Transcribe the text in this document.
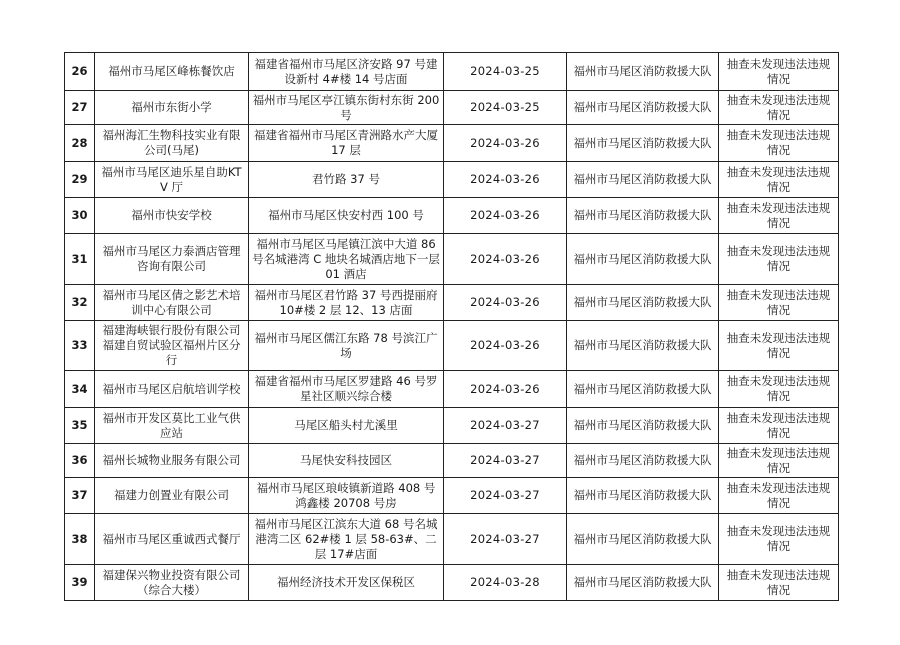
26	福州市马尾区峰栋餐饮店	福建省福州市马尾区济安路 97 号建设新村 4#楼 14 号店面	2024-03-25	福州市马尾区消防救援大队	抽查未发现违法违规情况
27	福州市东街小学	福州市马尾区亭江镇东街村东街 200 号	2024-03-25	福州市马尾区消防救援大队	抽查未发现违法违规情况
28	福州海汇生物科技实业有限公司(马尾)	福建省福州市马尾区青洲路水产大厦 17 层	2024-03-26	福州市马尾区消防救援大队	抽查未发现违法违规情况
29	福州市马尾区迪乐星自助KTV 厅	君竹路 37 号	2024-03-26	福州市马尾区消防救援大队	抽查未发现违法违规情况
30	福州市快安学校	福州市马尾区快安村西 100 号	2024-03-26	福州市马尾区消防救援大队	抽查未发现违法违规情况
31	福州市马尾区力泰酒店管理咨询有限公司	福州市马尾区马尾镇江滨中大道 86 号名城港湾 C 地块名城酒店地下一层 01 酒店	2024-03-26	福州市马尾区消防救援大队	抽查未发现违法违规情况
32	福州市马尾区倩之影艺术培训中心有限公司	福州市马尾区君竹路 37 号西提丽府 10#楼 2 层 12、13 店面	2024-03-26	福州市马尾区消防救援大队	抽查未发现违法违规情况
33	福建海峡银行股份有限公司福建自贸试验区福州片区分行	福州市马尾区儒江东路 78 号滨江广场	2024-03-26	福州市马尾区消防救援大队	抽查未发现违法违规情况
34	福州市马尾区启航培训学校	福建省福州市马尾区罗建路 46 号罗星社区顺兴综合楼	2024-03-26	福州市马尾区消防救援大队	抽查未发现违法违规情况
35	福州市开发区莫比工业气供应站	马尾区船头村尤溪里	2024-03-27	福州市马尾区消防救援大队	抽查未发现违法违规情况
36	福州长城物业服务有限公司	马尾快安科技园区	2024-03-27	福州市马尾区消防救援大队	抽查未发现违法违规情况
37	福建力创置业有限公司	福州市马尾区琅岐镇新道路 408 号鸿鑫楼 20708 号房	2024-03-27	福州市马尾区消防救援大队	抽查未发现违法违规情况
38	福州市马尾区重诚西式餐厅	福州市马尾区江滨东大道 68 号名城港湾二区 62#楼 1 层 58-63#、二层 17#店面	2024-03-27	福州市马尾区消防救援大队	抽查未发现违法违规情况
39	福建保兴物业投资有限公司（综合大楼）	福州经济技术开发区保税区	2024-03-28	福州市马尾区消防救援大队	抽查未发现违法违规情况
